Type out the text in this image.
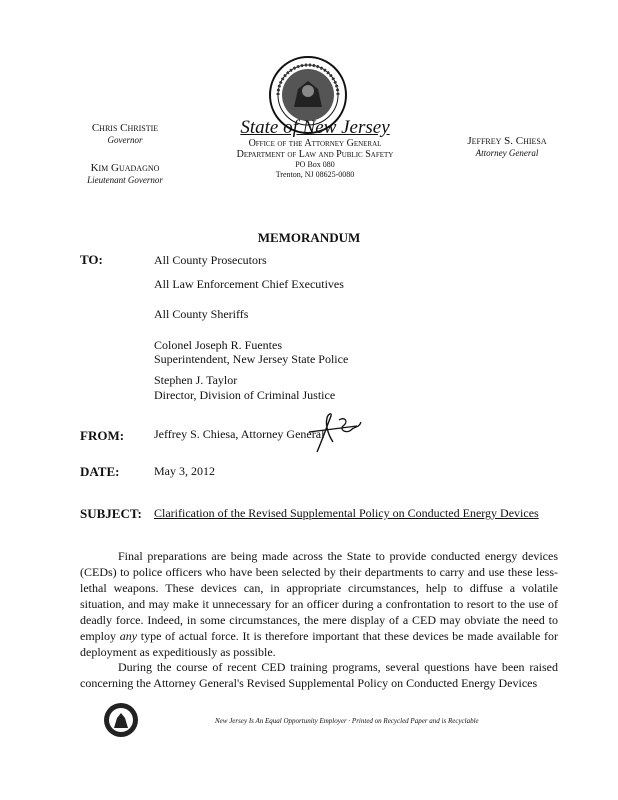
Chris Christie
Governor
Kim Guadagno
Lieutenant Governor
State of New Jersey
Office of the Attorney General
Department of Law and Public Safety
PO Box 080
Trenton, NJ 08625-0080
Jeffrey S. Chiesa
Attorney General
MEMORANDUM
TO:	All County Prosecutors
All Law Enforcement Chief Executives
All County Sheriffs
Colonel Joseph R. Fuentes
Superintendent, New Jersey State Police
Stephen J. Taylor
Director, Division of Criminal Justice
FROM: Jeffrey S. Chiesa, Attorney General
DATE:	May 3, 2012
SUBJECT: Clarification of the Revised Supplemental Policy on Conducted Energy Devices
Final preparations are being made across the State to provide conducted energy devices (CEDs) to police officers who have been selected by their departments to carry and use these less-lethal weapons. These devices can, in appropriate circumstances, help to diffuse a volatile situation, and may make it unnecessary for an officer during a confrontation to resort to the use of deadly force. Indeed, in some circumstances, the mere display of a CED may obviate the need to employ any type of actual force. It is therefore important that these devices be made available for deployment as expeditiously as possible.
During the course of recent CED training programs, several questions have been raised concerning the Attorney General's Revised Supplemental Policy on Conducted Energy Devices
New Jersey Is An Equal Opportunity Employer · Printed on Recycled Paper and is Recyclable
